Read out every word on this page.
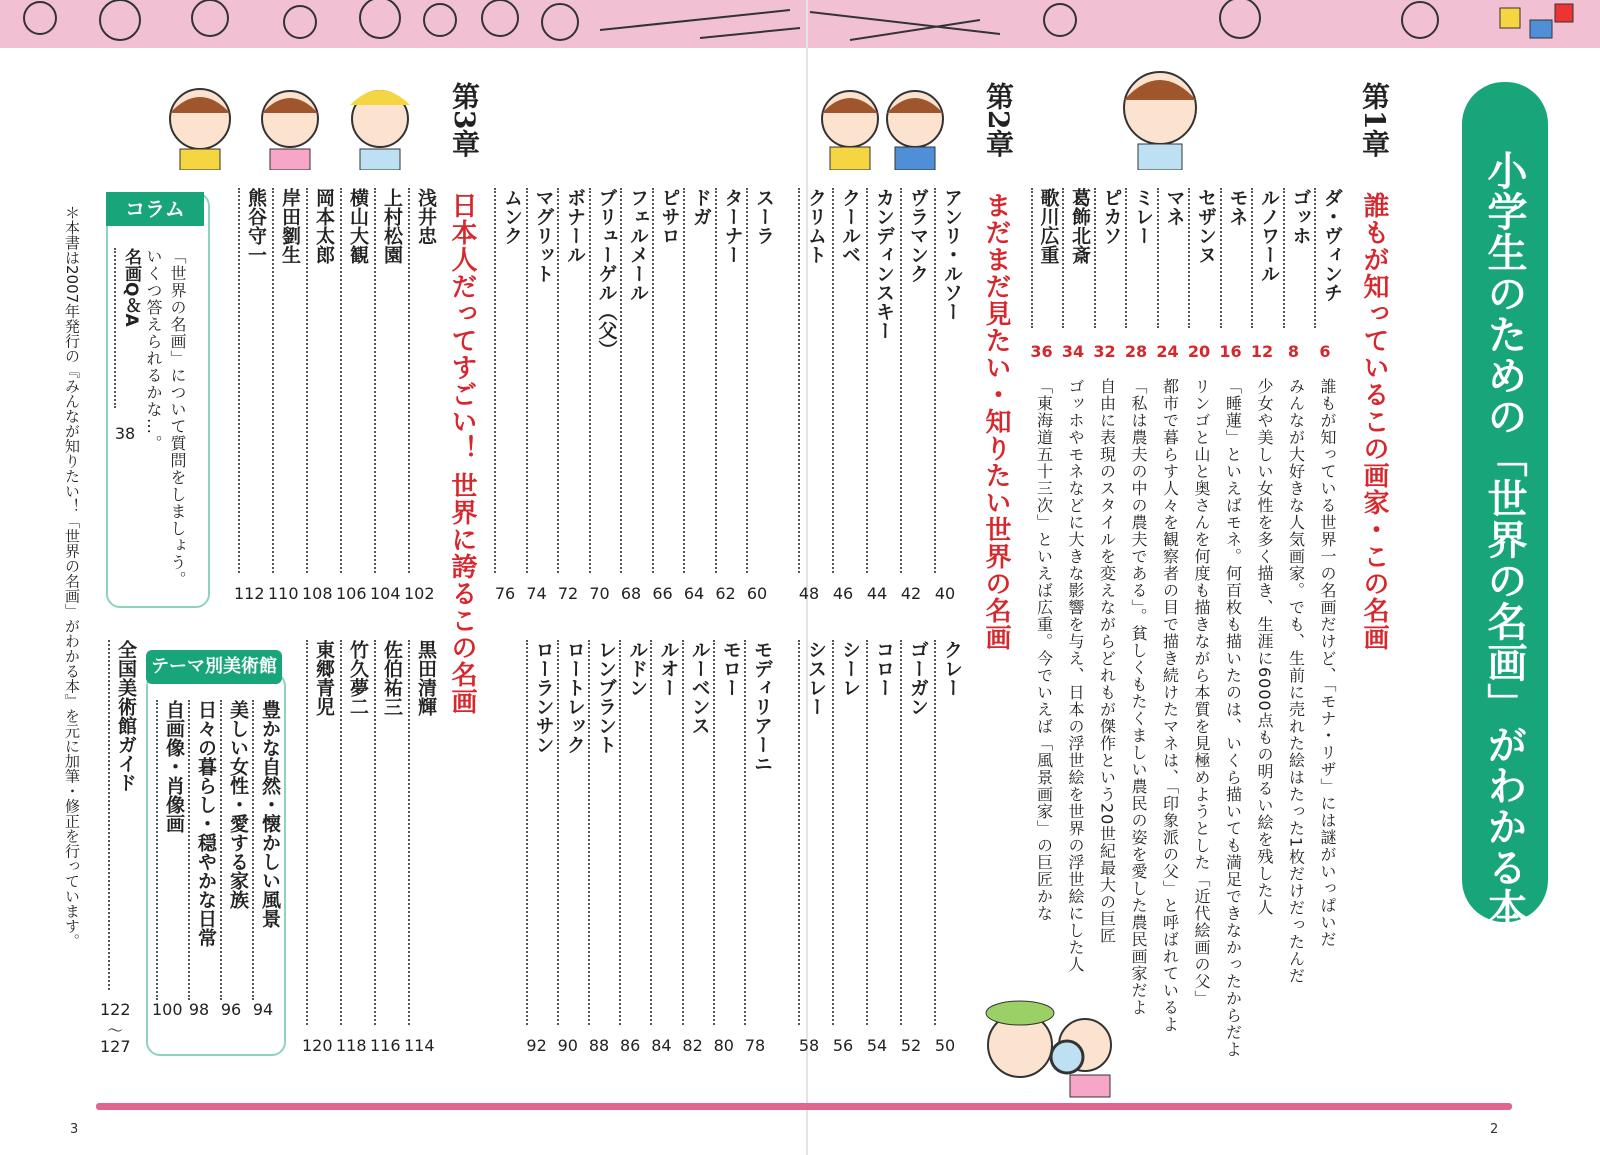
小学生のための「世界の名画」がわかる本
第1章
誰もが知っているこの画家・この名画
ダ・ヴィンチ
6
誰もが知っている世界一の名画だけど、「モナ・リザ」には謎がいっぱいだ
ゴッホ
8
みんなが大好きな人気画家。でも、生前に売れた絵はたった1枚だけだったんだ
ルノワール
12
少女や美しい女性を多く描き、生涯に6000点もの明るい絵を残した人
モネ
16
「睡蓮」といえばモネ。何百枚も描いたのは、いくら描いても満足できなかったからだよ
セザンヌ
20
リンゴと山と奥さんを何度も描きながら本質を見極めようとした「近代絵画の父」
マネ
24
都市で暮らす人々を観察者の目で描き続けたマネは、「印象派の父」と呼ばれているよ
ミレー
28
「私は農夫の中の農夫である」。貧しくもたくましい農民の姿を愛した農民画家だよ
ピカソ
32
自由に表現のスタイルを変えながらどれもが傑作という20世紀最大の巨匠
葛飾北斎
34
ゴッホやモネなどに大きな影響を与え、日本の浮世絵を世界の浮世絵にした人
歌川広重
36
「東海道五十三次」といえば広重。今でいえば「風景画家」の巨匠かな
第2章
まだまだ見たい・知りたい世界の名画
アンリ・ルソー
40
ヴラマンク
42
カンディンスキー
44
クールベ
46
クリムト
48
クレー
50
ゴーガン
52
コロー
54
シーレ
56
シスレー
58
スーラ
60
ターナー
62
ドガ
64
ピサロ
66
フェルメール
68
ブリューゲル（父）
70
ボナール
72
マグリット
74
ムンク
76
モディリアーニ
78
モロー
80
ルーベンス
82
ルオー
84
ルドン
86
レンブラント
88
ロートレック
90
ローランサン
92
第3章
日本人だってすごい！ 世界に誇るこの名画
浅井忠
102
上村松園
104
横山大観
106
岡本太郎
108
岸田劉生
110
熊谷守一
112
黒田清輝
114
佐伯祐三
116
竹久夢二
118
東郷青児
120
コラム
「世界の名画」について質問をしましょう。
いくつ答えられるかな…。
名画Q＆A
38
テーマ別美術館
豊かな自然・懐かしい風景
94
美しい女性・愛する家族
96
日々の暮らし・穏やかな日常
98
自画像・肖像画
100
全国美術館ガイド
122
〜
127
＊本書は2007年発行の『みんなが知りたい！「世界の名画」がわかる本』を元に加筆・修正を行っています。
3	2
